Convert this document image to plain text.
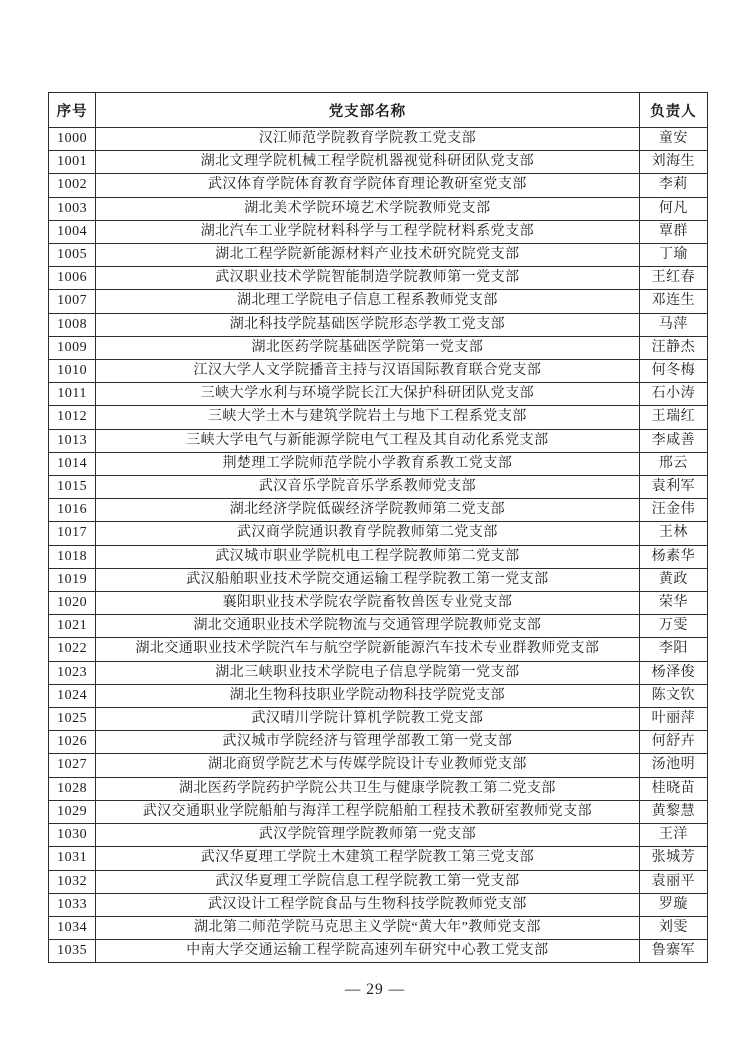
序号	党支部名称	负责人
1000	汉江师范学院教育学院教工党支部	童安
1001	湖北文理学院机械工程学院机器视觉科研团队党支部	刘海生
1002	武汉体育学院体育教育学院体育理论教研室党支部	李莉
1003	湖北美术学院环境艺术学院教师党支部	何凡
1004	湖北汽车工业学院材料科学与工程学院材料系党支部	覃群
1005	湖北工程学院新能源材料产业技术研究院党支部	丁瑜
1006	武汉职业技术学院智能制造学院教师第一党支部	王红春
1007	湖北理工学院电子信息工程系教师党支部	邓连生
1008	湖北科技学院基础医学院形态学教工党支部	马萍
1009	湖北医药学院基础医学院第一党支部	汪静杰
1010	江汉大学人文学院播音主持与汉语国际教育联合党支部	何冬梅
1011	三峡大学水利与环境学院长江大保护科研团队党支部	石小涛
1012	三峡大学土木与建筑学院岩土与地下工程系党支部	王瑞红
1013	三峡大学电气与新能源学院电气工程及其自动化系党支部	李咸善
1014	荆楚理工学院师范学院小学教育系教工党支部	邢云
1015	武汉音乐学院音乐学系教师党支部	袁利军
1016	湖北经济学院低碳经济学院教师第二党支部	汪金伟
1017	武汉商学院通识教育学院教师第二党支部	王林
1018	武汉城市职业学院机电工程学院教师第二党支部	杨素华
1019	武汉船舶职业技术学院交通运输工程学院教工第一党支部	黄政
1020	襄阳职业技术学院农学院畜牧兽医专业党支部	荣华
1021	湖北交通职业技术学院物流与交通管理学院教师党支部	万雯
1022	湖北交通职业技术学院汽车与航空学院新能源汽车技术专业群教师党支部	李阳
1023	湖北三峡职业技术学院电子信息学院第一党支部	杨泽俊
1024	湖北生物科技职业学院动物科技学院党支部	陈文钦
1025	武汉晴川学院计算机学院教工党支部	叶丽萍
1026	武汉城市学院经济与管理学部教工第一党支部	何舒卉
1027	湖北商贸学院艺术与传媒学院设计专业教师党支部	汤池明
1028	湖北医药学院药护学院公共卫生与健康学院教工第二党支部	桂晓苗
1029	武汉交通职业学院船舶与海洋工程学院船舶工程技术教研室教师党支部	黄黎慧
1030	武汉学院管理学院教师第一党支部	王洋
1031	武汉华夏理工学院土木建筑工程学院教工第三党支部	张城芳
1032	武汉华夏理工学院信息工程学院教工第一党支部	袁丽平
1033	武汉设计工程学院食品与生物科技学院教师党支部	罗璇
1034	湖北第二师范学院马克思主义学院“黄大年”教师党支部	刘雯
1035	中南大学交通运输工程学院高速列车研究中心教工党支部	鲁寨军
— 29 —
